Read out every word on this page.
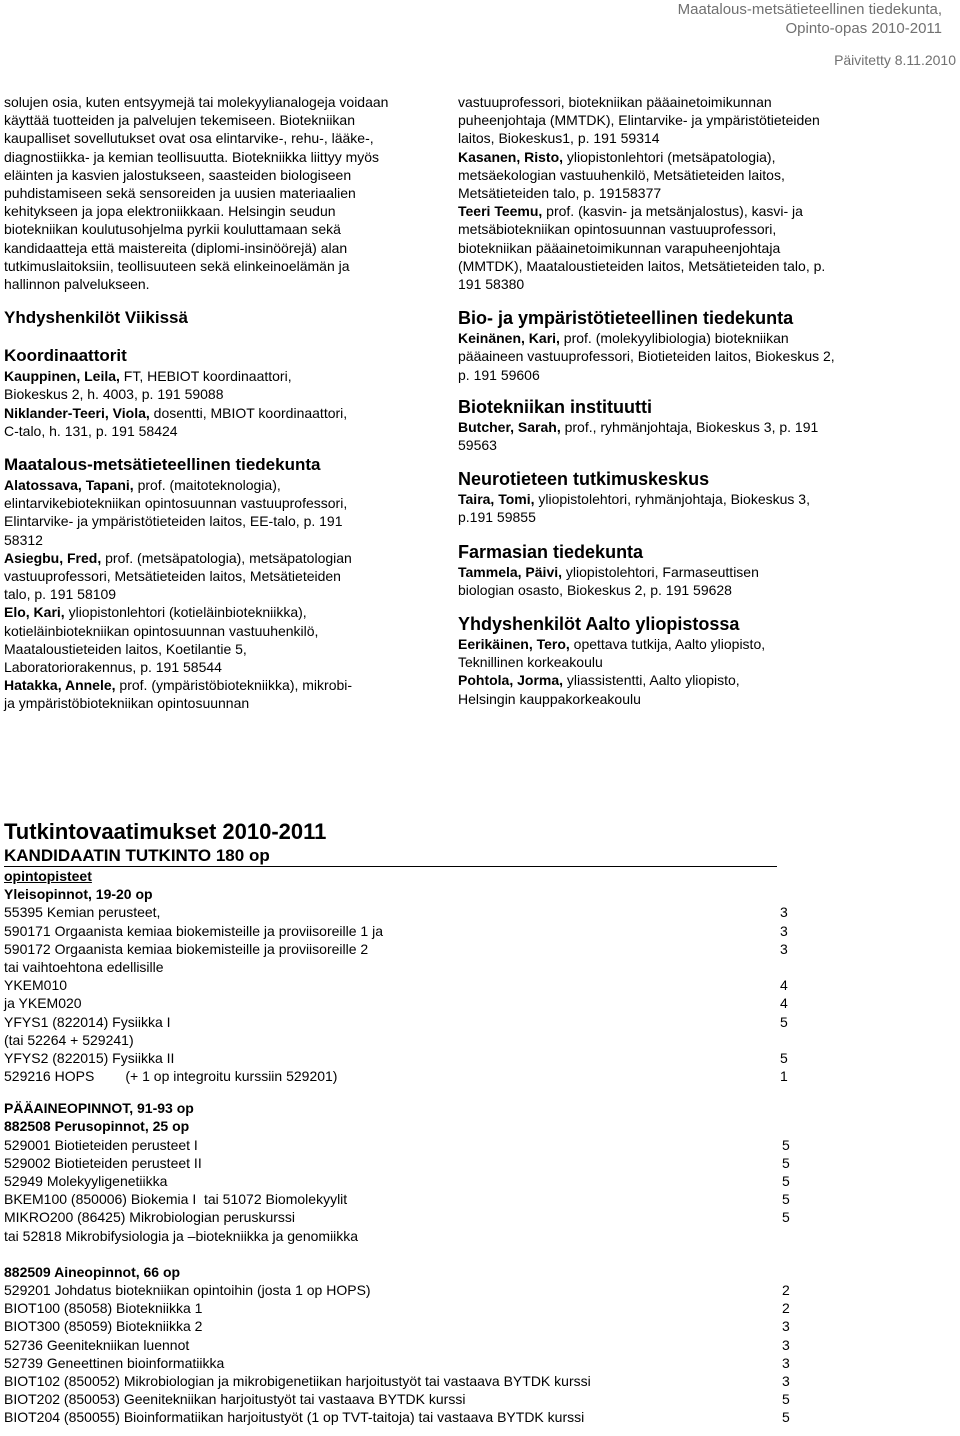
Maatalous-metsätieteellinen tiedekunta,
Opinto-opas 2010-2011
Päivitetty 8.11.2010

solujen osia, kuten entsyymejä tai molekyylianalogeja voidaan käyttää tuotteiden ja palvelujen tekemiseen. Biotekniikan kaupalliset sovellutukset ovat osa elintarvike-, rehu-, lääke-, diagnostiikka- ja kemian teollisuutta. Biotekniikka liittyy myös eläinten ja kasvien jalostukseen, saasteiden biologiseen puhdistamiseen sekä sensoreiden ja uusien materiaalien kehitykseen ja jopa elektroniikkaan. Helsingin seudun biotekniikan koulutusohjelma pyrkii kouluttamaan sekä kandidaatteja että maistereita (diplomi-insinöörejä) alan tutkimuslaitoksiin, teollisuuteen sekä elinkeinoelämän ja hallinnon palvelukseen.

Yhdyshenkilöt Viikissä
Koordinaattorit

Kauppinen, Leila, FT, HEBIOT koordinaattori, Biokeskus 2, h. 4003, p. 191 59088

Niklander-Teeri, Viola, dosentti, MBIOT koordinaattori, C-talo, h. 131, p. 191 58424

Maatalous-metsätieteellinen tiedekunta

Alatossava, Tapani, prof. (maitoteknologia), elintarvikebiotekniikan opintosuunnan vastuuprofessori, Elintarvike- ja ympäristötieteiden laitos, EE-talo, p. 191 58312

Asiegbu, Fred, prof. (metsäpatologia), metsäpatologian vastuuprofessori, Metsätieteiden laitos, Metsätieteiden talo, p. 191 58109

Elo, Kari, yliopistonlehtori (kotieläinbiotekniikka), kotieläinbiotekniikan opintosuunnan vastuuhenkilö, Maataloustieteiden laitos, Koetilantie 5, Laboratoriorakennus, p. 191 58544

Hatakka, Annele, prof. (ympäristöbiotekniikka), mikrobi- ja ympäristöbiotekniikan opintosuunnan

vastuuprofessori, biotekniikan pääainetoimikunnan puheenjohtaja (MMTDK), Elintarvike- ja ympäristötieteiden laitos, Biokeskus1, p. 191 59314

Kasanen, Risto, yliopistonlehtori (metsäpatologia), metsäekologian vastuuhenkilö, Metsätieteiden laitos, Metsätieteiden talo, p. 19158377

Teeri Teemu, prof. (kasvin- ja metsänjalostus), kasvi- ja metsäbiotekniikan opintosuunnan vastuuprofessori, biotekniikan pääainetoimikunnan varapuheenjohtaja (MMTDK), Maataloustieteiden laitos, Metsätieteiden talo, p. 191 58380

Bio- ja ympäristötieteellinen tiedekunta

Keinänen, Kari, prof. (molekyylibiologia) biotekniikan pääaineen vastuuprofessori, Biotieteiden laitos, Biokeskus 2, p. 191 59606

Biotekniikan instituutti

Butcher, Sarah, prof., ryhmänjohtaja, Biokeskus 3, p. 191 59563

Neurotieteen tutkimuskeskus

Taira, Tomi, yliopistolehtori, ryhmänjohtaja, Biokeskus 3, p.191 59855

Farmasian tiedekunta

Tammela, Päivi, yliopistolehtori, Farmaseuttisen biologian osasto, Biokeskus 2, p. 191 59628

Yhdyshenkilöt Aalto yliopistossa

Eerikäinen, Tero, opettava tutkija, Aalto yliopisto, Teknillinen korkeakoulu

Pohtola, Jorma, yliassistentti, Aalto yliopisto, Helsingin kauppakorkeakoulu

Tutkintovaatimukset 2010-2011
KANDIDAATIN TUTKINTO 180 op
opintopisteet
Yleisopinnot, 19-20 op
55395 Kemian perusteet,	3
590171 Orgaanista kemiaa biokemisteille ja proviisoreille 1 ja	3
590172 Orgaanista kemiaa biokemisteille ja proviisoreille 2	3
tai vaihtoehtona edellisille
YKEM010	4
ja YKEM020	4
YFYS1 (822014) Fysiikka I	5
(tai 52264 + 529241)
YFYS2 (822015) Fysiikka II	5
529216 HOPS        (+ 1 op integroitu kurssiin 529201)	1
PÄÄAINEOPINNOT, 91-93 op
882508 Perusopinnot, 25 op
529001 Biotieteiden perusteet I	5
529002 Biotieteiden perusteet II	5
52949 Molekyyligenetiikka	5
BKEM100 (850006) Biokemia I  tai 51072 Biomolekyylit	5
MIKRO200 (86425) Mikrobiologian peruskurssi	5
tai 52818 Mikrobifysiologia ja –biotekniikka ja genomiikka
882509 Aineopinnot, 66 op
529201 Johdatus biotekniikan opintoihin (josta 1 op HOPS)	2
BIOT100 (85058) Biotekniikka 1	2
BIOT300 (85059) Biotekniikka 2	3
52736 Geenitekniikan luennot	3
52739 Geneettinen bioinformatiikka	3
BIOT102 (850052) Mikrobiologian ja mikrobigenetiikan harjoitustyöt tai vastaava BYTDK kurssi	3
BIOT202 (850053) Geenitekniikan harjoitustyöt tai vastaava BYTDK kurssi	5
BIOT204 (850055) Bioinformatiikan harjoitustyöt (1 op TVT-taitoja) tai vastaava BYTDK kurssi	5
